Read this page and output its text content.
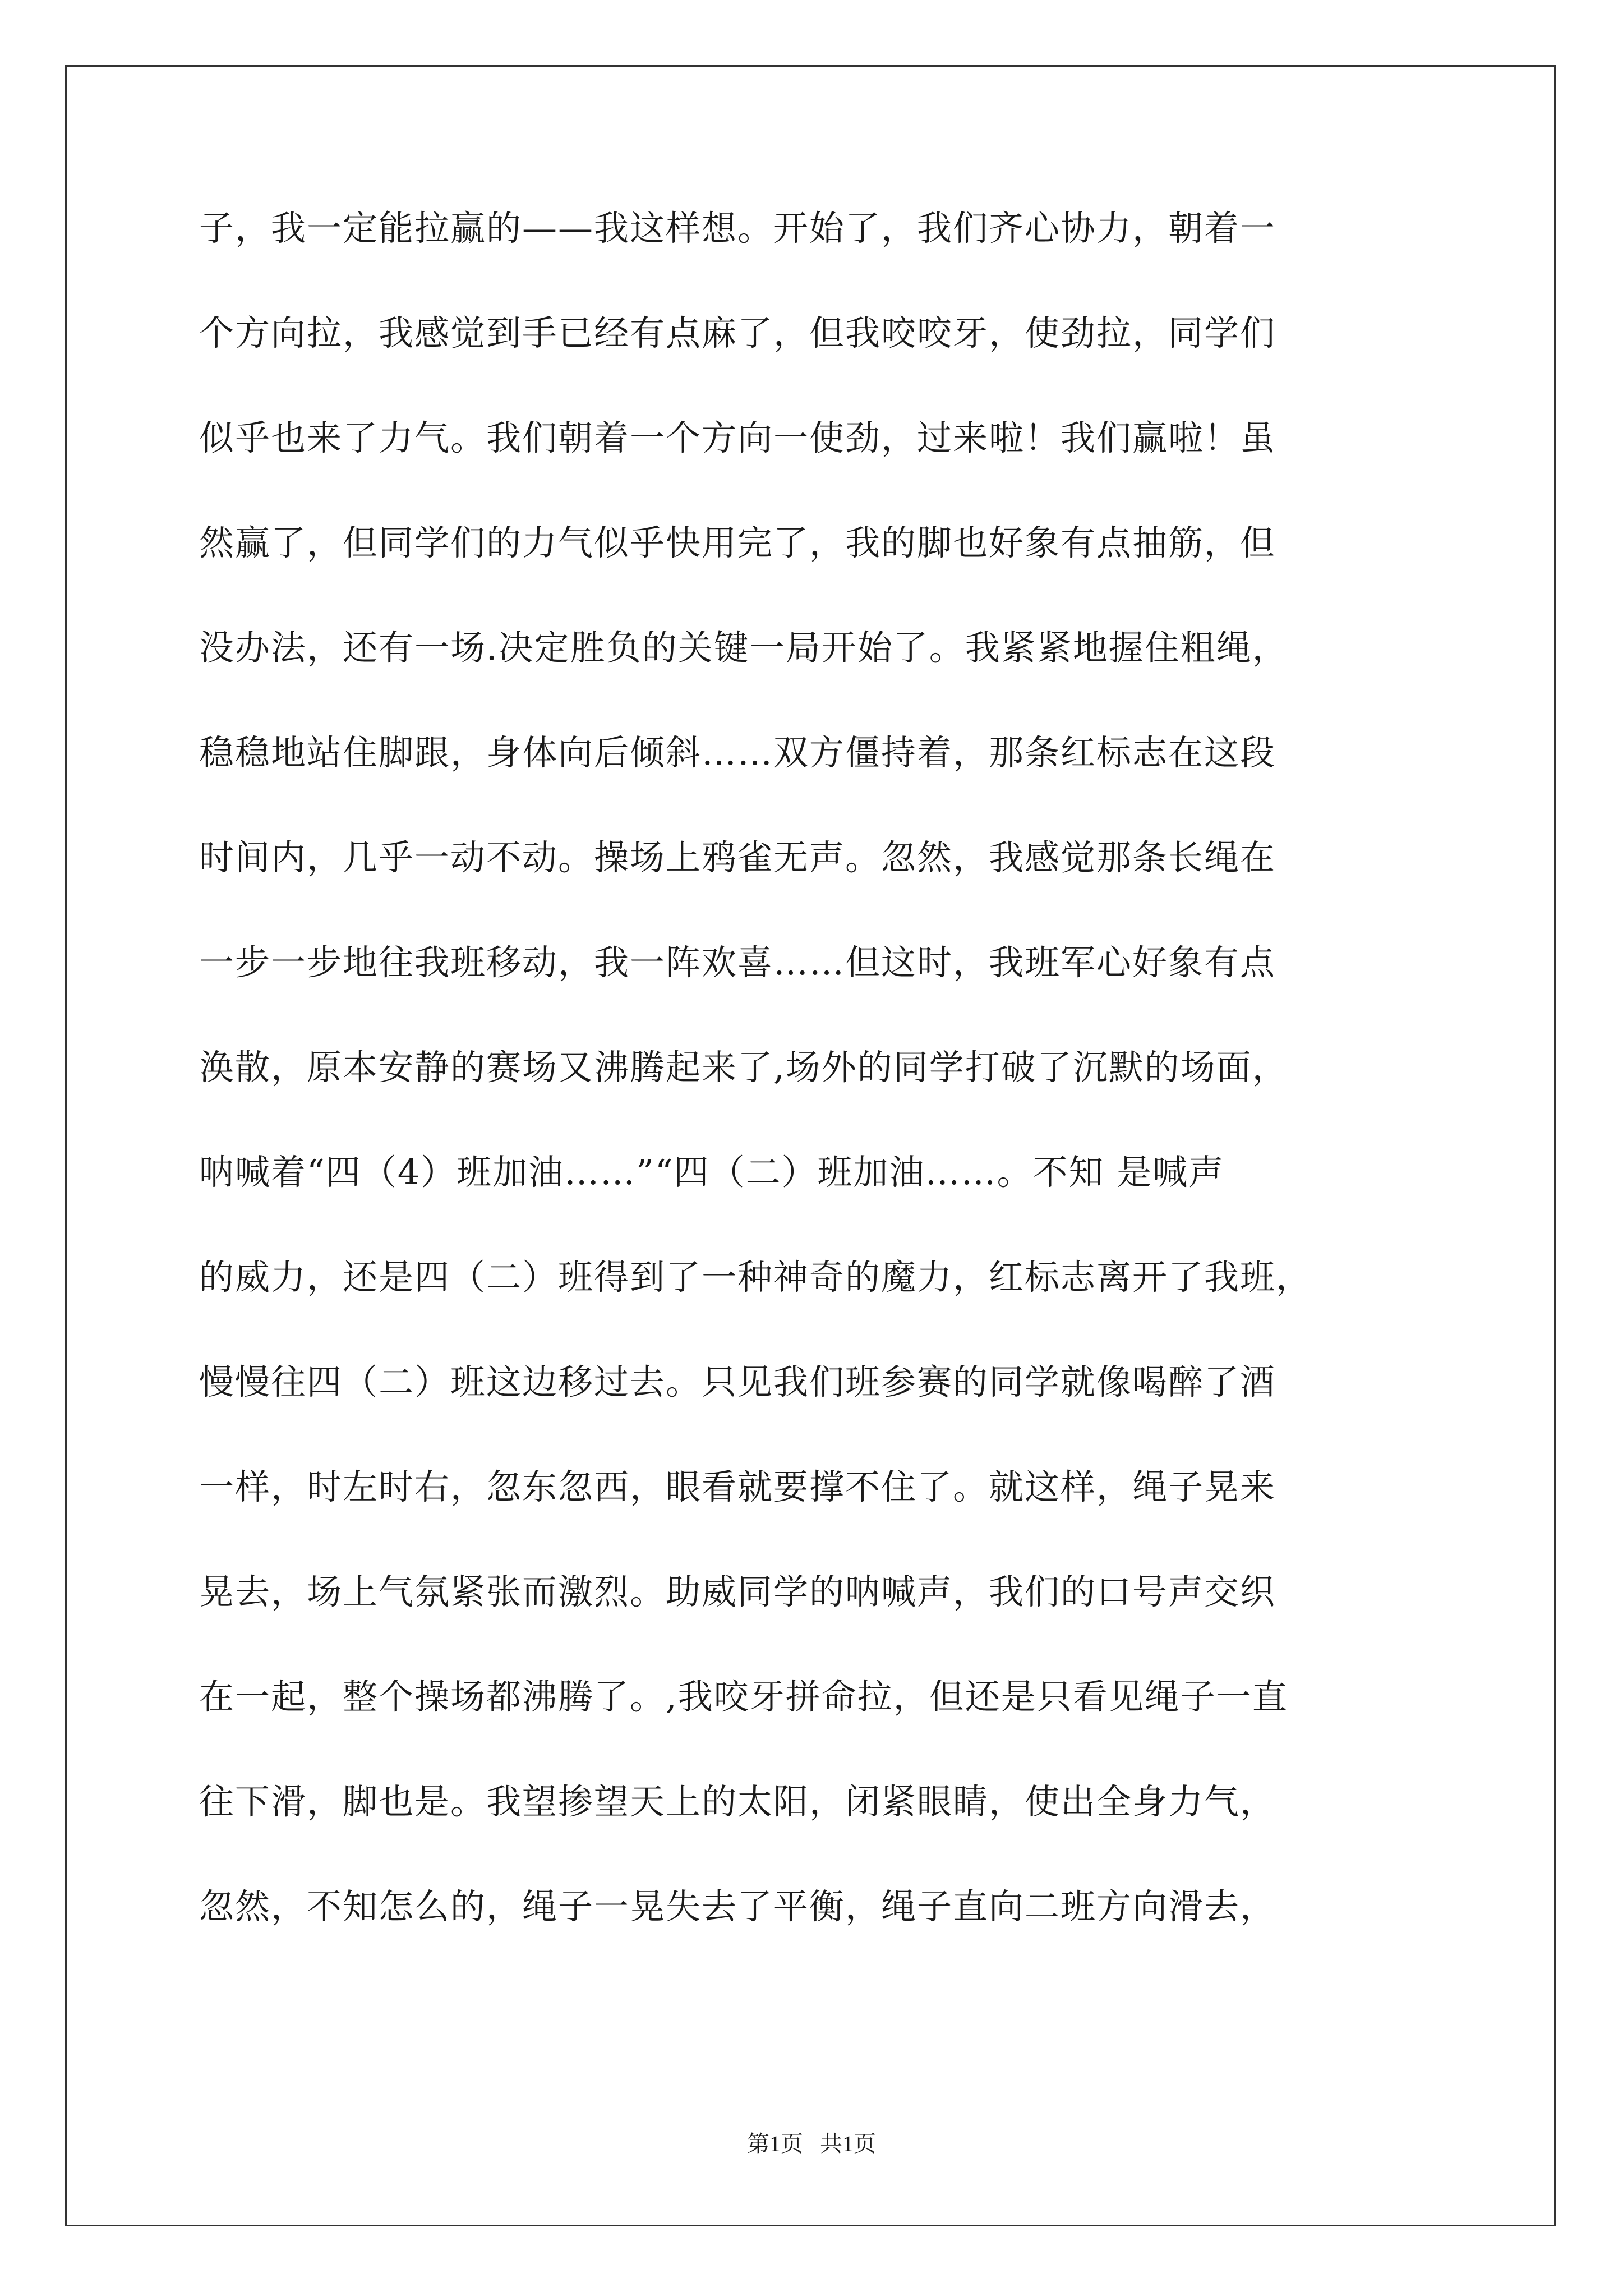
子，我一定能拉赢的——我这样想。开始了，我们齐心协力，朝着一
个方向拉，我感觉到手已经有点麻了，但我咬咬牙，使劲拉，同学们
似乎也来了力气。我们朝着一个方向一使劲，过来啦！我们赢啦！虽
然赢了，但同学们的力气似乎快用完了，我的脚也好象有点抽筋，但
没办法，还有一场.决定胜负的关键一局开始了。我紧紧地握住粗绳，
稳稳地站住脚跟，身体向后倾斜……双方僵持着，那条红标志在这段
时间内，几乎一动不动。操场上鸦雀无声。忽然，我感觉那条长绳在
一步一步地往我班移动，我一阵欢喜……但这时，我班军心好象有点
涣散，原本安静的赛场又沸腾起来了,场外的同学打破了沉默的场面，
呐喊着“四（4）班加油……”“四（二）班加油……。不知 是喊声
的威力，还是四（二）班得到了一种神奇的魔力，红标志离开了我班，
慢慢往四（二）班这边移过去。只见我们班参赛的同学就像喝醉了酒
一样，时左时右，忽东忽西，眼看就要撑不住了。就这样，绳子晃来
晃去，场上气氛紧张而激烈。助威同学的呐喊声，我们的口号声交织
在一起，整个操场都沸腾了。,我咬牙拼命拉，但还是只看见绳子一直
往下滑，脚也是。我望掺望天上的太阳，闭紧眼睛，使出全身力气，
忽然，不知怎么的，绳子一晃失去了平衡，绳子直向二班方向滑去，
第1页 共1页
